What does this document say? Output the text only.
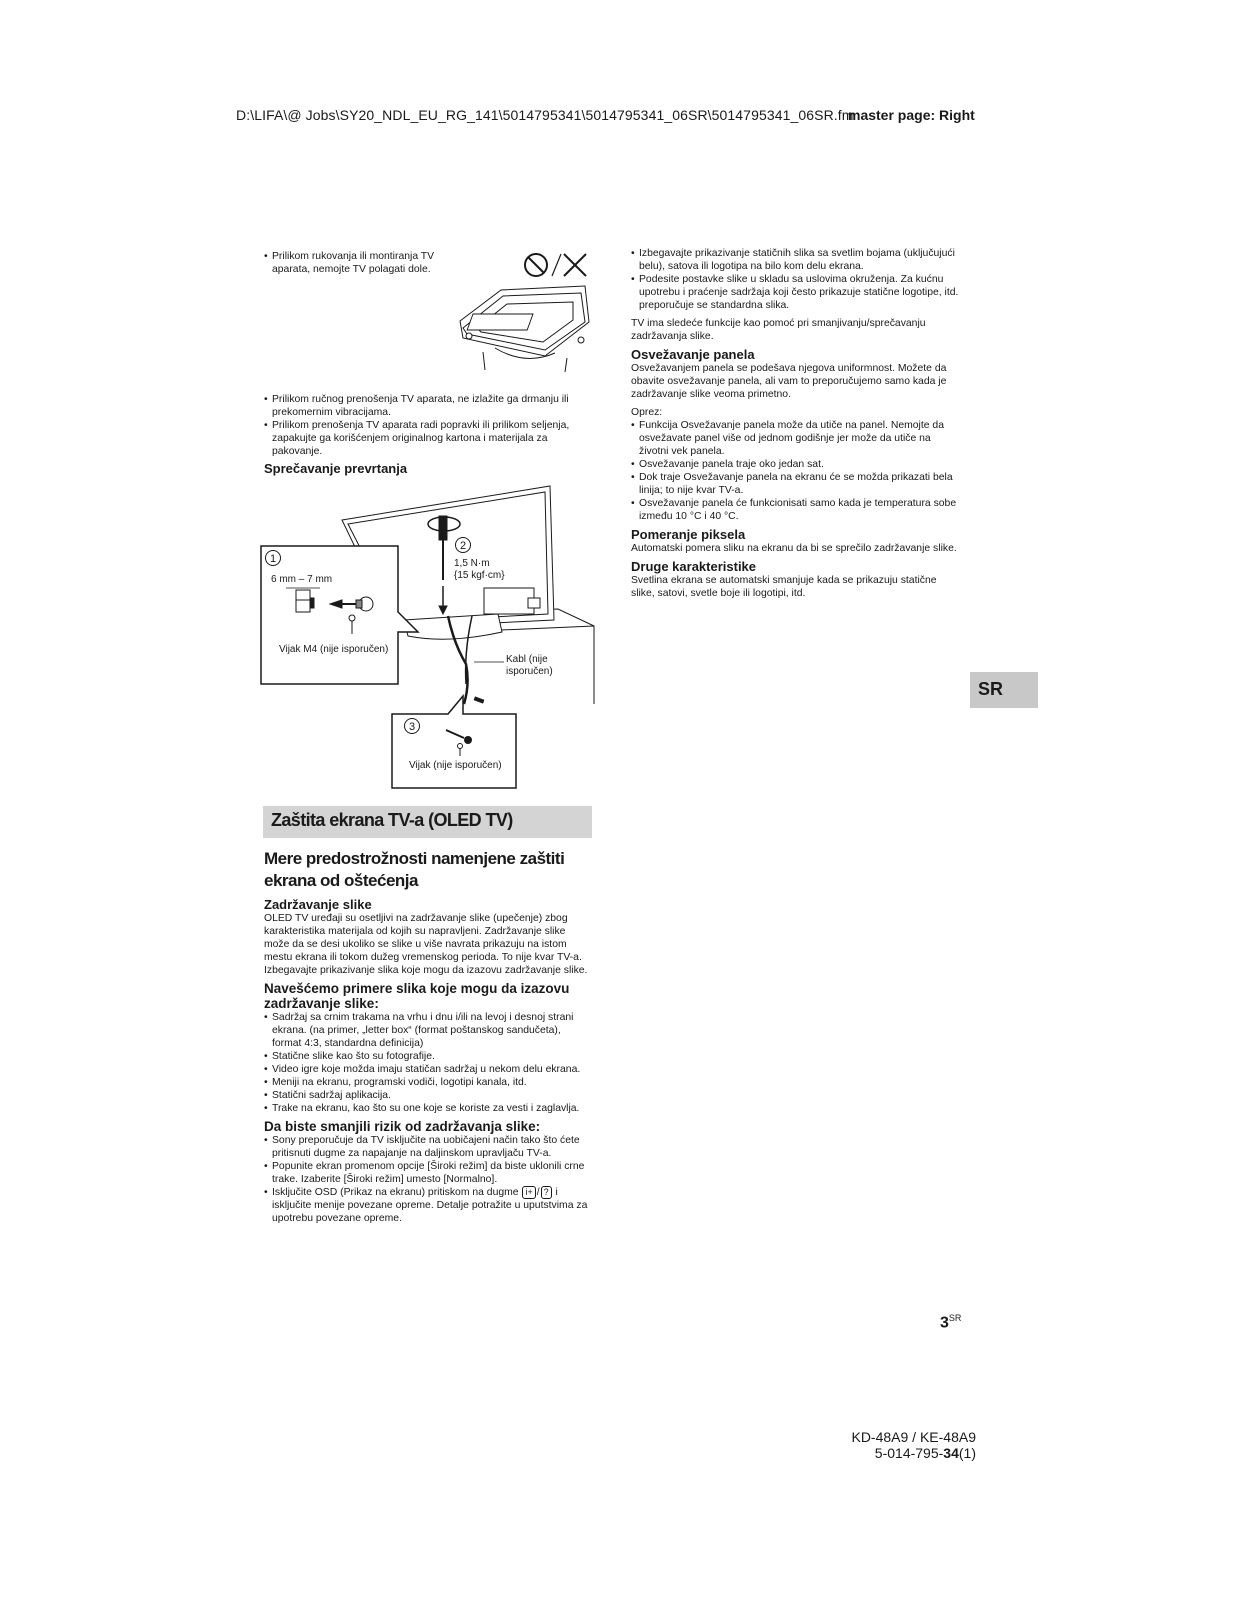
D:\LIFA\@ Jobs\SY20_NDL_EU_RG_141\5014795341\5014795341_06SR\5014795341_06SR.fm
master page: Right
• Prilikom rukovanja ili montiranja TV aparata, nemojte TV polagati dole.
• Prilikom ručnog prenošenja TV aparata, ne izlažite ga drmanju ili prekomernim vibracijama.
• Prilikom prenošenja TV aparata radi popravki ili prilikom seljenja, zapakujte ga korišćenjem originalnog kartona i materijala za pakovanje.

Sprečavanje prevrtanja

1
6 mm – 7 mm
Vijak M4 (nije isporučen)
2
1,5 N·m
{15 kgf·cm}
Kabl (nije
isporučen)
3
Vijak (nije isporučen)
Zaštita ekrana TV-a (OLED TV)

Mere predostrožnosti namenjene zaštiti

ekrana od oštećenja

Zadržavanje slike

OLED TV uređaji su osetljivi na zadržavanje slike (upečenje) zbog karakteristika materijala od kojih su napravljeni. Zadržavanje slike može da se desi ukoliko se slike u više navrata prikazuju na istom mestu ekrana ili tokom dužeg vremenskog perioda. To nije kvar TV-a. Izbegavajte prikazivanje slika koje mogu da izazovu zadržavanje slike.

Navešćemo primere slika koje mogu da izazovu zadržavanje slike:

• Sadržaj sa crnim trakama na vrhu i dnu i/ili na levoj i desnoj strani ekrana. (na primer, „letter box“ (format poštanskog sandučeta), format 4:3, standardna definicija)
• Statične slike kao što su fotografije.
• Video igre koje možda imaju statičan sadržaj u nekom delu ekrana.
• Meniji na ekranu, programski vodiči, logotipi kanala, itd.
• Statični sadržaj aplikacija.
• Trake na ekranu, kao što su one koje se koriste za vesti i zaglavlja.

Da biste smanjili rizik od zadržavanja slike:

• Sony preporučuje da TV isključite na uobičajeni način tako što ćete pritisnuti dugme za napajanje na daljinskom upravljaču TV-a.
• Popunite ekran promenom opcije [Široki režim] da biste uklonili crne trake. Izaberite [Široki režim] umesto [Normalno].
• Isključite OSD (Prikaz na ekranu) pritiskom na dugme i+ / ? i isključite menije povezane opreme. Detalje potražite u uputstvima za upotrebu povezane opreme.
• Izbegavajte prikazivanje statičnih slika sa svetlim bojama (uključujući belu), satova ili logotipa na bilo kom delu ekrana.
• Podesite postavke slike u skladu sa uslovima okruženja. Za kućnu upotrebu i praćenje sadržaja koji često prikazuje statične logotipe, itd. preporučuje se standardna slika.

TV ima sledeće funkcije kao pomoć pri smanjivanju/sprečavanju zadržavanja slike.

Osvežavanje panela

Osvežavanjem panela se podešava njegova uniformnost. Možete da obavite osvežavanje panela, ali vam to preporučujemo samo kada je zadržavanje slike veoma primetno.

Oprez:

• Funkcija Osvežavanje panela može da utiče na panel. Nemojte da osvežavate panel više od jednom godišnje jer može da utiče na životni vek panela.
• Osvežavanje panela traje oko jedan sat.
• Dok traje Osvežavanje panela na ekranu će se možda prikazati bela linija; to nije kvar TV-a.
• Osvežavanje panela će funkcionisati samo kada je temperatura sobe između 10 °C i 40 °C.

Pomeranje piksela

Automatski pomera sliku na ekranu da bi se sprečilo zadržavanje slike.

Druge karakteristike

Svetlina ekrana se automatski smanjuje kada se prikazuju statične slike, satovi, svetle boje ili logotipi, itd.

SR
$3^{SR}$
KD-48A9 / KE-48A9
5-014-795-34(1)
